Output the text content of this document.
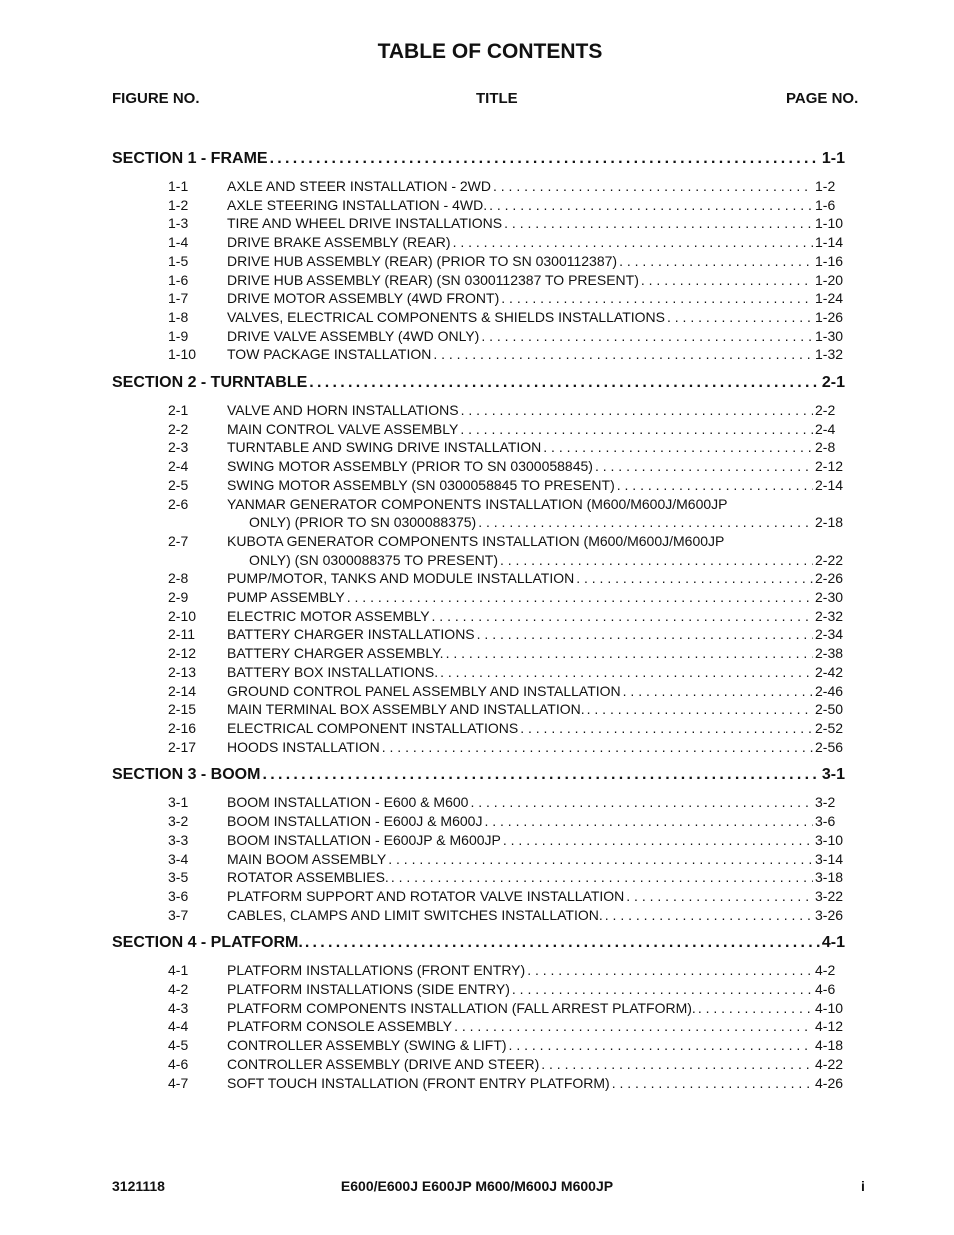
TABLE OF CONTENTS
FIGURE NO.	TITLE	PAGE NO.
SECTION 1 - FRAME .....	1-1
1-1	AXLE AND STEER INSTALLATION - 2WD . . .	1-2
1-2	AXLE STEERING INSTALLATION - 4WD. . . .	1-6
1-3	TIRE AND WHEEL DRIVE INSTALLATIONS . . .	1-10
1-4	DRIVE BRAKE ASSEMBLY (REAR) . . .	1-14
1-5	DRIVE HUB ASSEMBLY (REAR) (PRIOR TO SN 0300112387) . . .	1-16
1-6	DRIVE HUB ASSEMBLY (REAR) (SN 0300112387 TO PRESENT) . . .	1-20
1-7	DRIVE MOTOR ASSEMBLY (4WD FRONT) . . .	1-24
1-8	VALVES, ELECTRICAL COMPONENTS & SHIELDS INSTALLATIONS . . .	1-26
1-9	DRIVE VALVE ASSEMBLY (4WD ONLY) . . .	1-30
1-10	TOW PACKAGE INSTALLATION . . .	1-32
SECTION 2 - TURNTABLE .....	2-1
2-1	VALVE AND HORN INSTALLATIONS . . .	2-2
2-2	MAIN CONTROL VALVE ASSEMBLY . . .	2-4
2-3	TURNTABLE AND SWING DRIVE INSTALLATION . . .	2-8
2-4	SWING MOTOR ASSEMBLY (PRIOR TO SN 0300058845) . . .	2-12
2-5	SWING MOTOR ASSEMBLY (SN 0300058845 TO PRESENT) . . .	2-14
2-6	YANMAR GENERATOR COMPONENTS INSTALLATION (M600/M600J/M600JP
ONLY) (PRIOR TO SN 0300088375) . . .	2-18
2-7	KUBOTA GENERATOR COMPONENTS INSTALLATION (M600/M600J/M600JP
ONLY) (SN 0300088375 TO PRESENT) . . .	2-22
2-8	PUMP/MOTOR, TANKS AND MODULE INSTALLATION . . .	2-26
2-9	PUMP ASSEMBLY . . .	2-30
2-10	ELECTRIC MOTOR ASSEMBLY . . .	2-32
2-11	BATTERY CHARGER INSTALLATIONS . . .	2-34
2-12	BATTERY CHARGER ASSEMBLY. . . .	2-38
2-13	BATTERY BOX INSTALLATIONS. . . .	2-42
2-14	GROUND CONTROL PANEL ASSEMBLY AND INSTALLATION . . .	2-46
2-15	MAIN TERMINAL BOX ASSEMBLY AND INSTALLATION. . . .	2-50
2-16	ELECTRICAL COMPONENT INSTALLATIONS . . .	2-52
2-17	HOODS INSTALLATION . . .	2-56
SECTION 3 - BOOM .....	3-1
3-1	BOOM INSTALLATION - E600 & M600 . . .	3-2
3-2	BOOM INSTALLATION - E600J & M600J . . .	3-6
3-3	BOOM INSTALLATION - E600JP & M600JP . . .	3-10
3-4	MAIN BOOM ASSEMBLY . . .	3-14
3-5	ROTATOR ASSEMBLIES. . . .	3-18
3-6	PLATFORM SUPPORT AND ROTATOR VALVE INSTALLATION . . .	3-22
3-7	CABLES, CLAMPS AND LIMIT SWITCHES INSTALLATION. . . .	3-26
SECTION 4 - PLATFORM. .....	4-1
4-1	PLATFORM INSTALLATIONS (FRONT ENTRY) . . .	4-2
4-2	PLATFORM INSTALLATIONS (SIDE ENTRY) . . .	4-6
4-3	PLATFORM COMPONENTS INSTALLATION (FALL ARREST PLATFORM). . . .	4-10
4-4	PLATFORM CONSOLE ASSEMBLY . . .	4-12
4-5	CONTROLLER ASSEMBLY (SWING & LIFT) . . .	4-18
4-6	CONTROLLER ASSEMBLY (DRIVE AND STEER) . . .	4-22
4-7	SOFT TOUCH INSTALLATION (FRONT ENTRY PLATFORM) . . .	4-26
3121118	E600/E600J E600JP M600/M600J M600JP	i
